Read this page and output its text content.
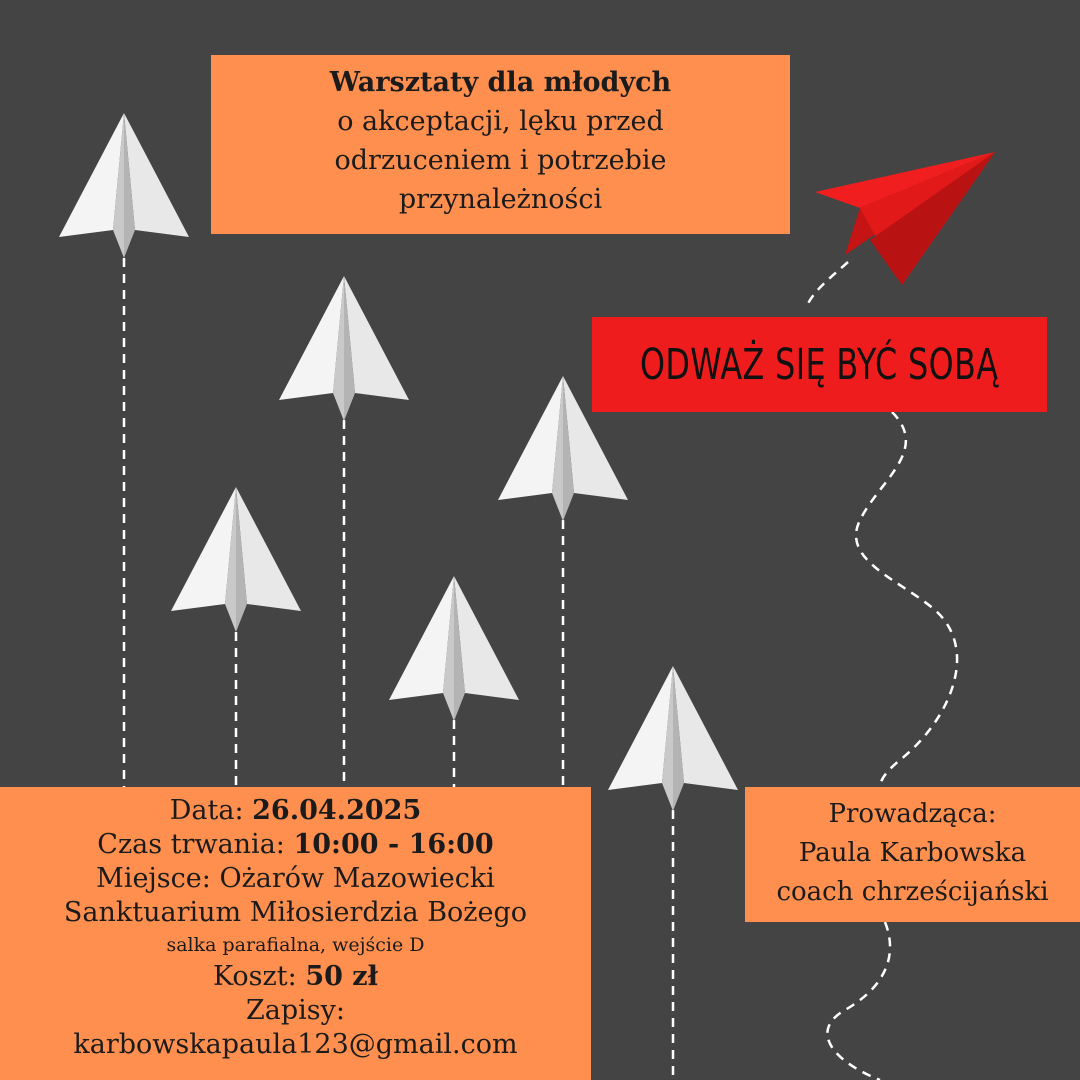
Warsztaty dla młodych
o akceptacji, lęku przed
odrzuceniem i potrzebie
przynależności
ODWAŻ SIĘ BYĆ SOBĄ
Data: 26.04.2025
Czas trwania: 10:00 - 16:00
Miejsce: Ożarów Mazowiecki
Sanktuarium Miłosierdzia Bożego
salka parafialna, wejście D
Koszt: 50 zł
Zapisy:
karbowskapaula123@gmail.com
Prowadząca:
Paula Karbowska
coach chrześcijański
